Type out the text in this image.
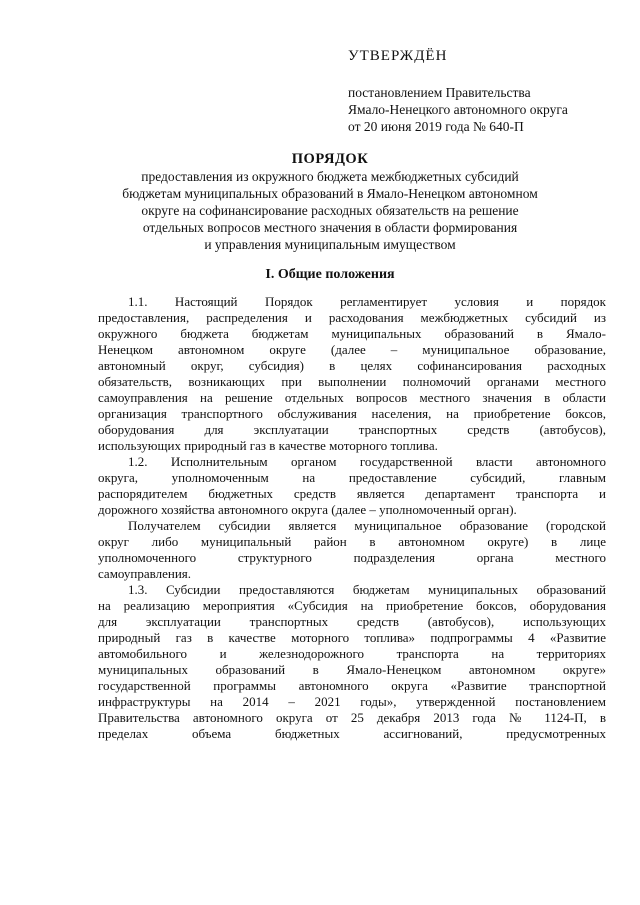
УТВЕРЖДЁН
постановлением Правительства
Ямало-Ненецкого автономного округа
от 20 июня 2019 года № 640-П
ПОРЯДОК
предоставления из окружного бюджета межбюджетных субсидий
бюджетам муниципальных образований в Ямало-Ненецком автономном
округе на софинансирование расходных обязательств на решение
отдельных вопросов местного значения в области формирования
и управления муниципальным имуществом
I. Общие положения
1.1. Настоящий Порядок регламентирует условия и порядок
предоставления, распределения и расходования межбюджетных субсидий из
окружного бюджета бюджетам муниципальных образований в Ямало-
Ненецком автономном округе (далее – муниципальное образование,
автономный округ, субсидия) в целях софинансирования расходных
обязательств, возникающих при выполнении полномочий органами местного
самоуправления на решение отдельных вопросов местного значения в области
организация транспортного обслуживания населения, на приобретение боксов,
оборудования для эксплуатации транспортных средств (автобусов),
использующих природный газ в качестве моторного топлива.
1.2. Исполнительным органом государственной власти автономного
округа, уполномоченным на предоставление субсидий, главным
распорядителем бюджетных средств является департамент транспорта и
дорожного хозяйства автономного округа (далее – уполномоченный орган).
Получателем субсидии является муниципальное образование (городской
округ либо муниципальный район в автономном округе) в лице
уполномоченного структурного подразделения органа местного
самоуправления.
1.3. Субсидии предоставляются бюджетам муниципальных образований
на реализацию мероприятия «Субсидия на приобретение боксов, оборудования
для эксплуатации транспортных средств (автобусов), использующих
природный газ в качестве моторного топлива» подпрограммы 4 «Развитие
автомобильного и железнодорожного транспорта на территориях
муниципальных образований в Ямало-Ненецком автономном округе»
государственной программы автономного округа «Развитие транспортной
инфраструктуры на 2014 – 2021 годы», утвержденной постановлением
Правительства автономного округа от 25 декабря 2013 года № 1124-П, в
пределах объема бюджетных ассигнований, предусмотренных
